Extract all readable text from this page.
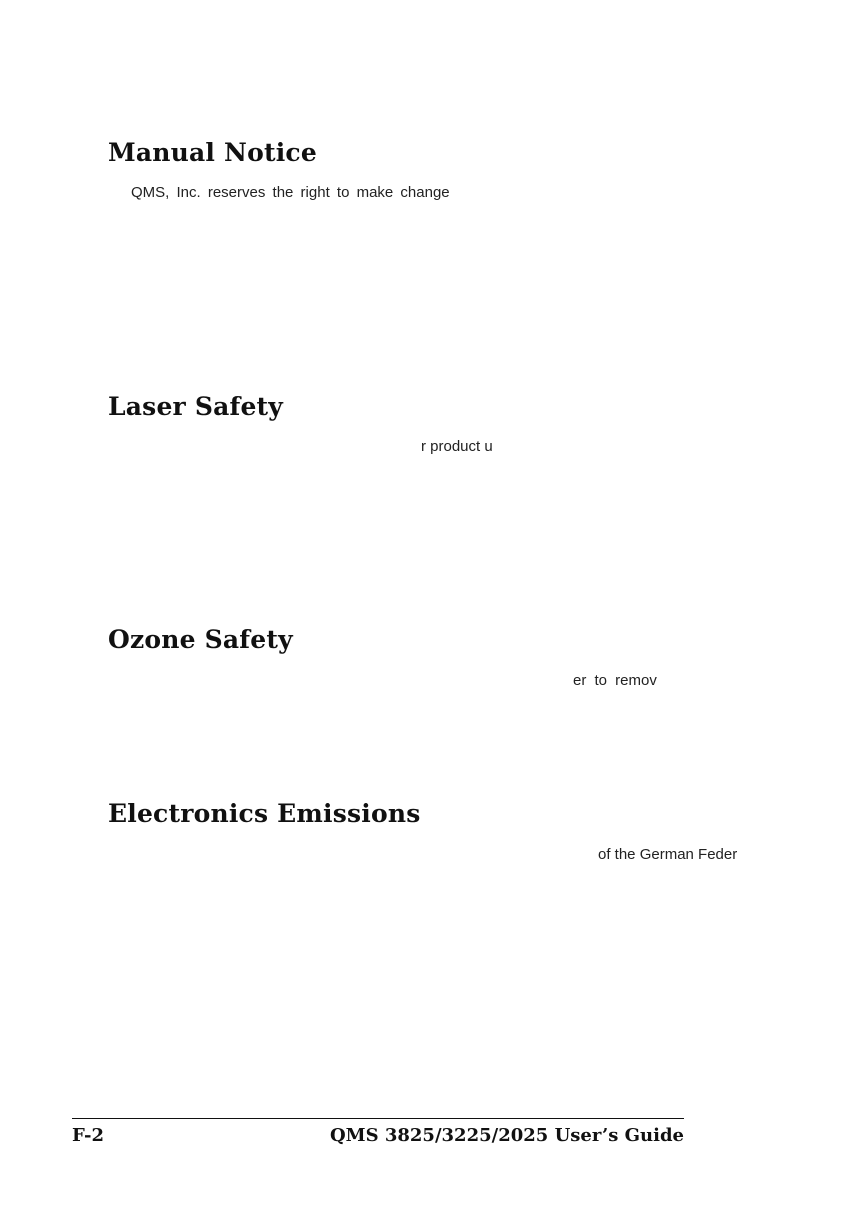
Manual Notice

QMS, Inc. reserves the right to make change

Laser Safety

r product u

Ozone Safety

er to remov

Electronics Emissions

of the German Feder

F-2	QMS 3825/3225/2025 User’s Guide
